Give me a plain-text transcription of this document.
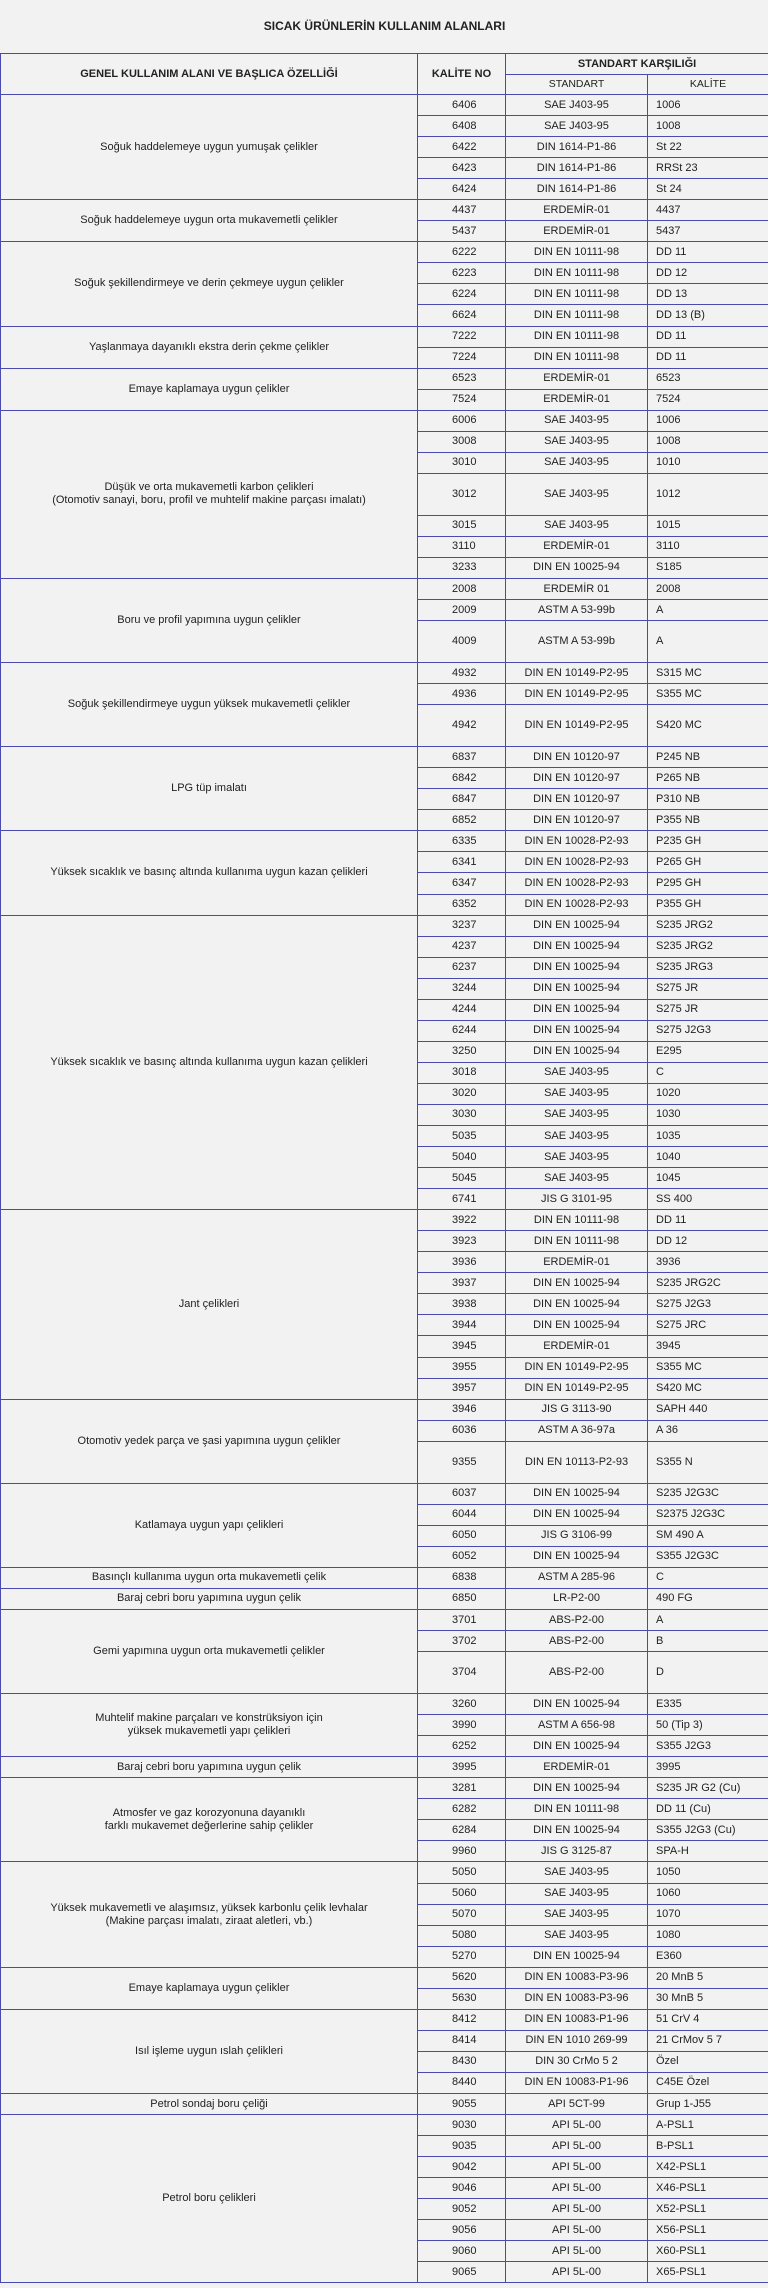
SICAK ÜRÜNLERİN KULLANIM ALANLARI			
GENEL KULLANIM ALANI VE BAŞLICA ÖZELLİĞİ	KALİTE NO	STANDART KARŞILIĞI	
		STANDART	KALİTE
Soğuk haddelemeye uygun yumuşak çelikler	6406	SAE J403-95	1006
	6408	SAE J403-95	1008
	6422	DIN 1614-P1-86	St 22
	6423	DIN 1614-P1-86	RRSt 23
	6424	DIN 1614-P1-86	St 24
Soğuk haddelemeye uygun orta mukavemetli çelikler	4437	ERDEMİR-01	4437
	5437	ERDEMİR-01	5437
Soğuk şekillendirmeye ve derin çekmeye uygun çelikler	6222	DIN EN 10111-98	DD 11
	6223	DIN EN 10111-98	DD 12
	6224	DIN EN 10111-98	DD 13
	6624	DIN EN 10111-98	DD 13 (B)
Yaşlanmaya dayanıklı ekstra derin çekme çelikler	7222	DIN EN 10111-98	DD 11
	7224	DIN EN 10111-98	DD 11
Emaye kaplamaya uygun çelikler	6523	ERDEMİR-01	6523
	7524	ERDEMİR-01	7524
Düşük ve orta mukavemetli karbon çelikleri
(Otomotiv sanayi, boru, profil ve muhtelif makine parçası imalatı)	6006	SAE J403-95	1006
	3008	SAE J403-95	1008
	3010	SAE J403-95	1010
	3012	SAE J403-95	1012
	3015	SAE J403-95	1015
	3110	ERDEMİR-01	3110
	3233	DIN EN 10025-94	S185
Boru ve profil yapımına uygun çelikler	2008	ERDEMİR 01	2008
	2009	ASTM A 53-99b	A
	4009	ASTM A 53-99b	A
Soğuk şekillendirmeye uygun yüksek mukavemetli çelikler	4932	DIN EN 10149-P2-95	S315 MC
	4936	DIN EN 10149-P2-95	S355 MC
	4942	DIN EN 10149-P2-95	S420 MC
LPG tüp imalatı	6837	DIN EN 10120-97	P245 NB
	6842	DIN EN 10120-97	P265 NB
	6847	DIN EN 10120-97	P310 NB
	6852	DIN EN 10120-97	P355 NB
Yüksek sıcaklık ve basınç altında kullanıma uygun kazan çelikleri	6335	DIN EN 10028-P2-93	P235 GH
	6341	DIN EN 10028-P2-93	P265 GH
	6347	DIN EN 10028-P2-93	P295 GH
	6352	DIN EN 10028-P2-93	P355 GH
Yüksek sıcaklık ve basınç altında kullanıma uygun kazan çelikleri	3237	DIN EN 10025-94	S235 JRG2
	4237	DIN EN 10025-94	S235 JRG2
	6237	DIN EN 10025-94	S235 JRG3
	3244	DIN EN 10025-94	S275 JR
	4244	DIN EN 10025-94	S275 JR
	6244	DIN EN 10025-94	S275 J2G3
	3250	DIN EN 10025-94	E295
	3018	SAE J403-95	C
	3020	SAE J403-95	1020
	3030	SAE J403-95	1030
	5035	SAE J403-95	1035
	5040	SAE J403-95	1040
	5045	SAE J403-95	1045
	6741	JIS G 3101-95	SS 400
Jant çelikleri	3922	DIN EN 10111-98	DD 11
	3923	DIN EN 10111-98	DD 12
	3936	ERDEMİR-01	3936
	3937	DIN EN 10025-94	S235 JRG2C
	3938	DIN EN 10025-94	S275 J2G3
	3944	DIN EN 10025-94	S275 JRC
	3945	ERDEMİR-01	3945
	3955	DIN EN 10149-P2-95	S355 MC
	3957	DIN EN 10149-P2-95	S420 MC
Otomotiv yedek parça ve şasi yapımına uygun çelikler	3946	JIS G 3113-90	SAPH 440
	6036	ASTM A 36-97a	A 36
	9355	DIN EN 10113-P2-93	S355 N
Katlamaya uygun yapı çelikleri	6037	DIN EN 10025-94	S235 J2G3C
	6044	DIN EN 10025-94	S2375 J2G3C
	6050	JIS G 3106-99	SM 490 A
	6052	DIN EN 10025-94	S355 J2G3C
Basınçlı kullanıma uygun orta mukavemetli çelik	6838	ASTM A 285-96	C
Baraj cebri boru yapımına uygun çelik	6850	LR-P2-00	490 FG
Gemi yapımına uygun orta mukavemetli çelikler	3701	ABS-P2-00	A
	3702	ABS-P2-00	B
	3704	ABS-P2-00	D
Muhtelif makine parçaları ve konstrüksiyon için
yüksek mukavemetli yapı çelikleri	3260	DIN EN 10025-94	E335
	3990	ASTM A 656-98	50 (Tip 3)
	6252	DIN EN 10025-94	S355 J2G3
Baraj cebri boru yapımına uygun çelik	3995	ERDEMİR-01	3995
Atmosfer ve gaz korozyonuna dayanıklı
farklı mukavemet değerlerine sahip çelikler	3281	DIN EN 10025-94	S235 JR G2 (Cu)
	6282	DIN EN 10111-98	DD 11 (Cu)
	6284	DIN EN 10025-94	S355 J2G3 (Cu)
	9960	JIS G 3125-87	SPA-H
Yüksek mukavemetli ve alaşımsız, yüksek karbonlu çelik levhalar
(Makine parçası imalatı, ziraat aletleri, vb.)	5050	SAE J403-95	1050
	5060	SAE J403-95	1060
	5070	SAE J403-95	1070
	5080	SAE J403-95	1080
	5270	DIN EN 10025-94	E360
Emaye kaplamaya uygun çelikler	5620	DIN EN 10083-P3-96	20 MnB 5
	5630	DIN EN 10083-P3-96	30 MnB 5
Isıl işleme uygun ıslah çelikleri	8412	DIN EN 10083-P1-96	51 CrV 4
	8414	DIN EN 1010 269-99	21 CrMov 5 7
	8430	DIN 30 CrMo 5 2	Özel
	8440	DIN EN 10083-P1-96	C45E Özel
Petrol sondaj boru çeliği	9055	API 5CT-99	Grup 1-J55
Petrol boru çelikleri	9030	API 5L-00	A-PSL1
	9035	API 5L-00	B-PSL1
	9042	API 5L-00	X42-PSL1
	9046	API 5L-00	X46-PSL1
	9052	API 5L-00	X52-PSL1
	9056	API 5L-00	X56-PSL1
	9060	API 5L-00	X60-PSL1
	9065	API 5L-00	X65-PSL1
